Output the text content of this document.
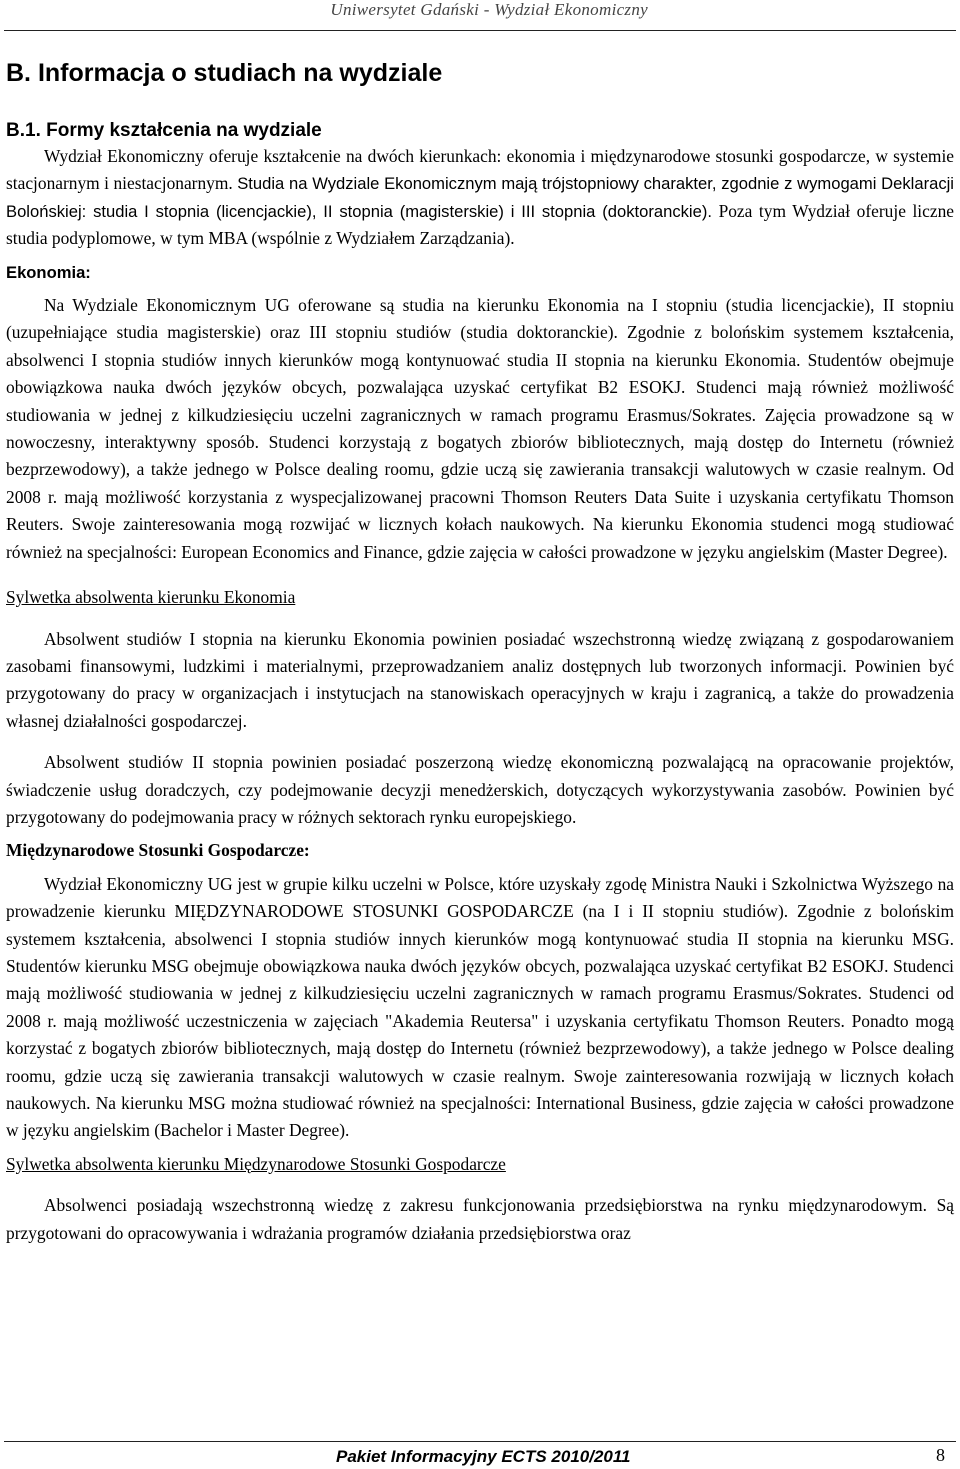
Uniwersytet Gdański - Wydział Ekonomiczny
B. Informacja o studiach na wydziale
B.1. Formy kształcenia na wydziale

Wydział Ekonomiczny oferuje kształcenie na dwóch kierunkach: ekonomia i międzynarodowe stosunki gospodarcze, w systemie stacjonarnym i niestacjonarnym. Studia na Wydziale Ekonomicznym mają trójstopniowy charakter, zgodnie z wymogami Deklaracji Bolońskiej: studia I stopnia (licencjackie), II stopnia (magisterskie) i III stopnia (doktoranckie). Poza tym Wydział oferuje liczne studia podyplomowe, w tym MBA (wspólnie z Wydziałem Zarządzania).

Ekonomia:

Na Wydziale Ekonomicznym UG oferowane są studia na kierunku Ekonomia na I stopniu (studia licencjackie), II stopniu (uzupełniające studia magisterskie) oraz III stopniu studiów (studia doktoranckie). Zgodnie z bolońskim systemem kształcenia, absolwenci I stopnia studiów innych kierunków mogą kontynuować studia II stopnia na kierunku Ekonomia. Studentów obejmuje obowiązkowa nauka dwóch języków obcych, pozwalająca uzyskać certyfikat B2 ESOKJ. Studenci mają również możliwość studiowania w jednej z kilkudziesięciu uczelni zagranicznych w ramach programu Erasmus/Sokrates. Zajęcia prowadzone są w nowoczesny, interaktywny sposób. Studenci korzystają z bogatych zbiorów bibliotecznych, mają dostęp do Internetu (również bezprzewodowy), a także jednego w Polsce dealing roomu, gdzie uczą się zawierania transakcji walutowych w czasie realnym. Od 2008 r. mają możliwość korzystania z wyspecjalizowanej pracowni Thomson Reuters Data Suite i uzyskania certyfikatu Thomson Reuters. Swoje zainteresowania mogą rozwijać w licznych kołach naukowych. Na kierunku Ekonomia studenci mogą studiować również na specjalności: European Economics and Finance, gdzie zajęcia w całości prowadzone w języku angielskim (Master Degree).

Sylwetka absolwenta kierunku Ekonomia

Absolwent studiów I stopnia na kierunku Ekonomia powinien posiadać wszechstronną wiedzę związaną z gospodarowaniem zasobami finansowymi, ludzkimi i materialnymi, przeprowadzaniem analiz dostępnych lub tworzonych informacji. Powinien być przygotowany do pracy w organizacjach i instytucjach na stanowiskach operacyjnych w kraju i zagranicą, a także do prowadzenia własnej działalności gospodarczej.

Absolwent studiów II stopnia powinien posiadać poszerzoną wiedzę ekonomiczną pozwalającą na opracowanie projektów, świadczenie usług doradczych, czy podejmowanie decyzji menedżerskich, dotyczących wykorzystywania zasobów. Powinien być przygotowany do podejmowania pracy w różnych sektorach rynku europejskiego.

Międzynarodowe Stosunki Gospodarcze:

Wydział Ekonomiczny UG jest w grupie kilku uczelni w Polsce, które uzyskały zgodę Ministra Nauki i Szkolnictwa Wyższego na prowadzenie kierunku MIĘDZYNARODOWE STOSUNKI GOSPODARCZE (na I i II stopniu studiów). Zgodnie z bolońskim systemem kształcenia, absolwenci I stopnia studiów innych kierunków mogą kontynuować studia II stopnia na kierunku MSG. Studentów kierunku MSG obejmuje obowiązkowa nauka dwóch języków obcych, pozwalająca uzyskać certyfikat B2 ESOKJ. Studenci mają możliwość studiowania w jednej z kilkudziesięciu uczelni zagranicznych w ramach programu Erasmus/Sokrates. Studenci od 2008 r. mają możliwość uczestniczenia w zajęciach "Akademia Reutersa" i uzyskania certyfikatu Thomson Reuters. Ponadto mogą korzystać z bogatych zbiorów bibliotecznych, mają dostęp do Internetu (również bezprzewodowy), a także jednego w Polsce dealing roomu, gdzie uczą się zawierania transakcji walutowych w czasie realnym. Swoje zainteresowania rozwijają w licznych kołach naukowych. Na kierunku MSG można studiować również na specjalności: International Business, gdzie zajęcia w całości prowadzone w języku angielskim (Bachelor i Master Degree).

Sylwetka absolwenta kierunku Międzynarodowe Stosunki Gospodarcze

Absolwenci posiadają wszechstronną wiedzę z zakresu funkcjonowania przedsiębiorstwa na rynku międzynarodowym. Są przygotowani do opracowywania i wdrażania programów działania przedsiębiorstwa oraz

Pakiet Informacyjny ECTS 2010/2011	8
